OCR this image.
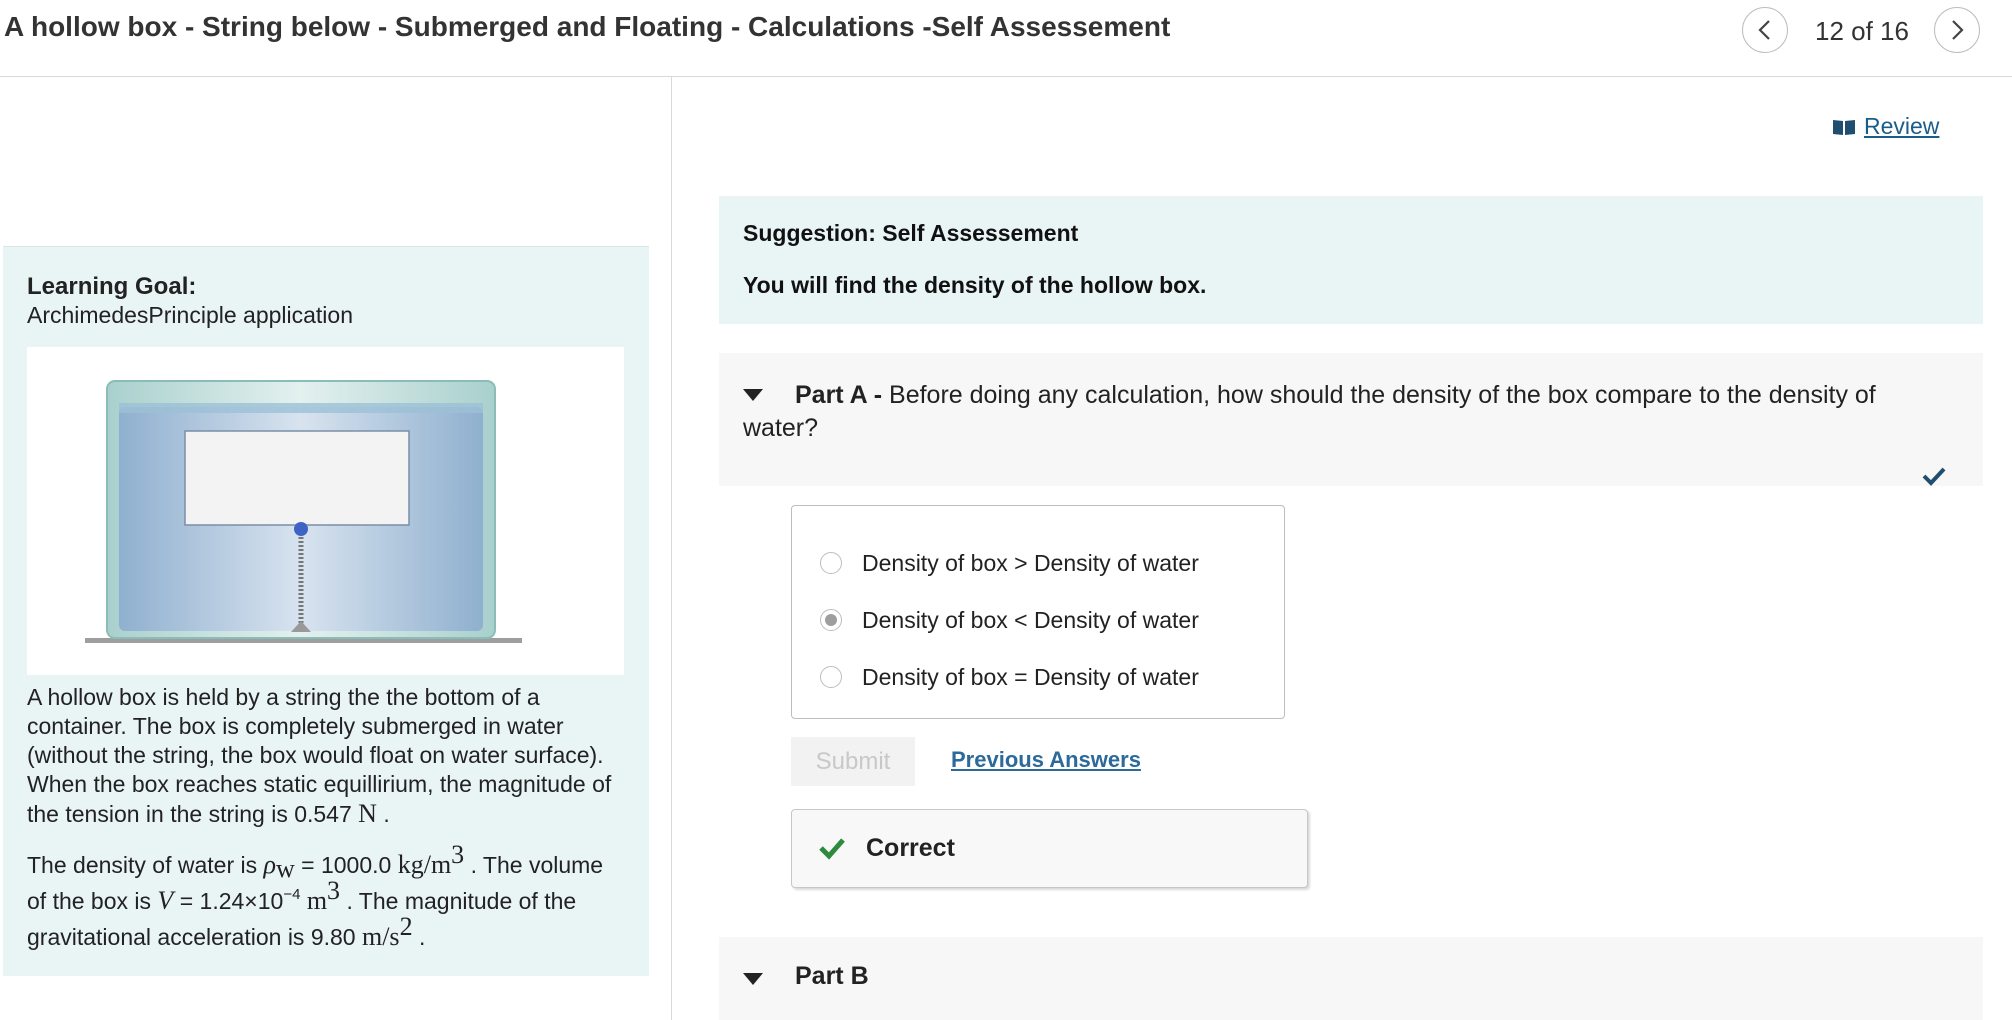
A hollow box - String below - Submerged and Floating - Calculations -Self Assessement	12 of 16
Learning Goal:
ArchimedesPrinciple application
A hollow box is held by a string the the bottom of a container. The box is completely submerged in water (without the string, the box would float on water surface). When the box reaches static equillirium, the magnitude of the tension in the string is 0.547 N .
The density of water is $\rho_w = 1000.0$ $kg/m^3$ . The volume of the box is $V = 1.24\times 10^{-4}$ $m^3$ . The magnitude of the gravitational acceleration is 9.80 $m/s^2$ .
Review
Suggestion: Self Assessement
You will find the density of the hollow box.
Part A - Before doing any calculation, how should the density of the box compare to the density of water?
Density of box > Density of water
Density of box < Density of water
Density of box = Density of water
Submit	Previous Answers
Correct
Part B
